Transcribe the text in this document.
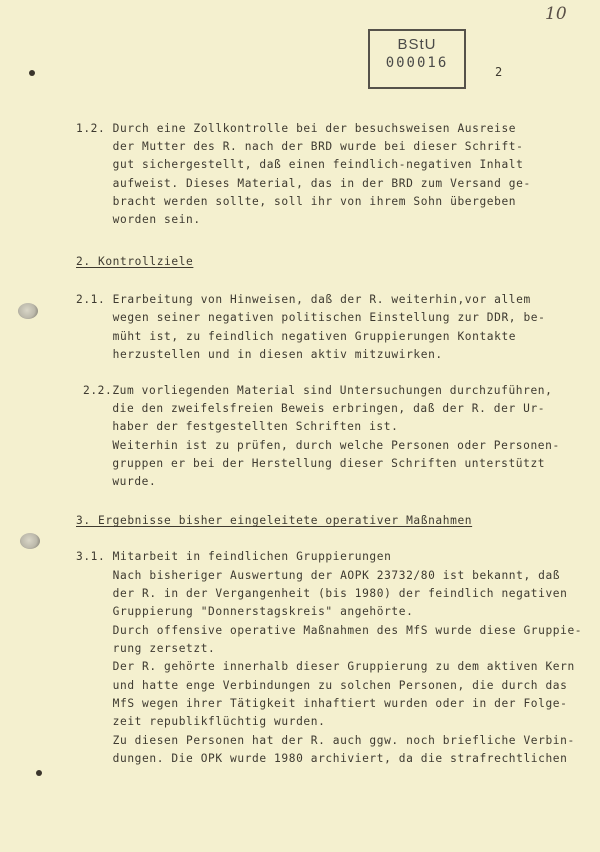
10
BStU
000016
2
1.2. Durch eine Zollkontrolle bei der besuchsweisen Ausreise
der Mutter des R. nach der BRD wurde bei dieser Schrift-
gut sichergestellt, daß einen feindlich-negativen Inhalt
aufweist. Dieses Material, das in der BRD zum Versand ge-
bracht werden sollte, soll ihr von ihrem Sohn übergeben
worden sein.
2. Kontrollziele
2.1. Erarbeitung von Hinweisen, daß der R. weiterhin,vor allem
wegen seiner negativen politischen Einstellung zur DDR, be-
müht ist, zu feindlich negativen Gruppierungen Kontakte
herzustellen und in diesen aktiv mitzuwirken.
2.2.Zum vorliegenden Material sind Untersuchungen durchzuführen,
die den zweifelsfreien Beweis erbringen, daß der R. der Ur-
haber der festgestellten Schriften ist.
Weiterhin ist zu prüfen, durch welche Personen oder Personen-
gruppen er bei der Herstellung dieser Schriften unterstützt
wurde.
3. Ergebnisse bisher eingeleitete operativer Maßnahmen
3.1. Mitarbeit in feindlichen Gruppierungen
Nach bisheriger Auswertung der AOPK 23732/80 ist bekannt, daß
der R. in der Vergangenheit (bis 1980) der feindlich negativen
Gruppierung "Donnerstagskreis" angehörte.
Durch offensive operative Maßnahmen des MfS wurde diese Gruppie-
rung zersetzt.
Der R. gehörte innerhalb dieser Gruppierung zu dem aktiven Kern
und hatte enge Verbindungen zu solchen Personen, die durch das
MfS wegen ihrer Tätigkeit inhaftiert wurden oder in der Folge-
zeit republikflüchtig wurden.
Zu diesen Personen hat der R. auch ggw. noch briefliche Verbin-
dungen. Die OPK wurde 1980 archiviert, da die strafrechtlichen
